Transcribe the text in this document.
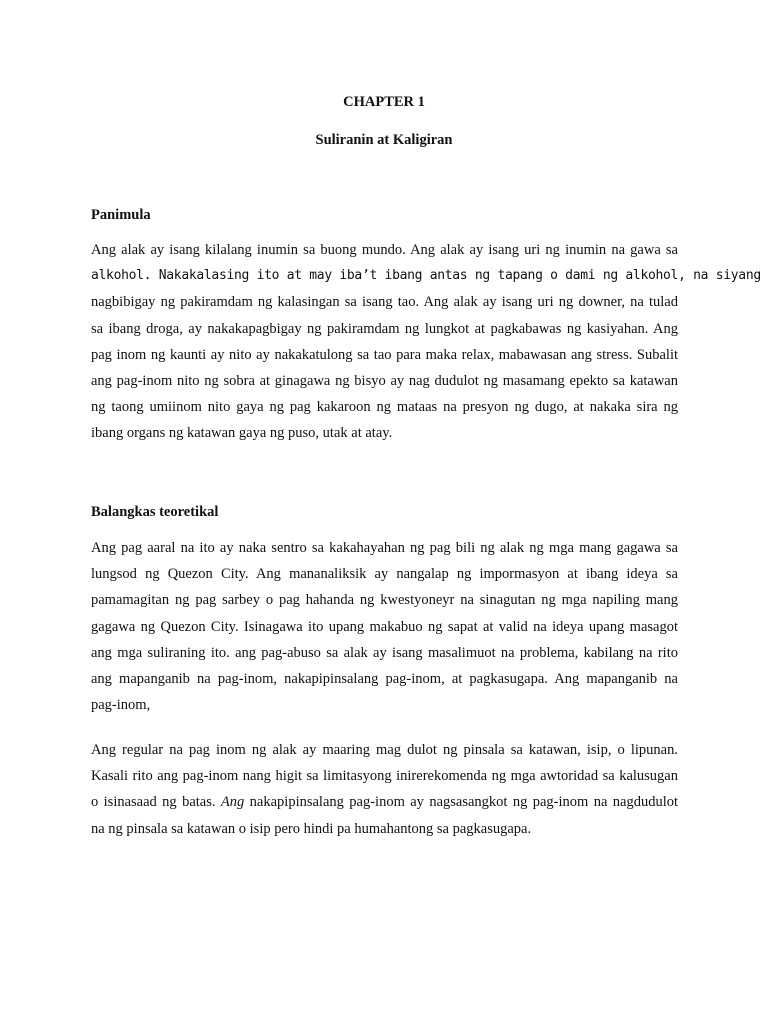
CHAPTER 1

Suliranin at Kaligiran

Panimula

Ang alak ay isang kilalang inumin sa buong mundo. Ang alak ay isang uri ng inumin na gawa sa
alkohol. Nakakalasing ito at may iba’t ibang antas ng tapang o dami ng alkohol, na siyang
nagbibigay ng pakiramdam ng kalasingan sa isang tao. Ang alak ay isang uri ng downer, na tulad
sa ibang droga, ay nakakapagbigay ng pakiramdam ng lungkot at pagkabawas ng kasiyahan. Ang
pag inom ng kaunti ay nito ay nakakatulong sa tao para maka relax, mabawasan ang stress. Subalit
ang pag-inom nito ng sobra at ginagawa ng bisyo ay nag dudulot ng masamang epekto sa katawan
ng taong umiinom nito gaya ng pag kakaroon ng mataas na presyon ng dugo, at nakaka sira ng
ibang organs ng katawan gaya ng puso, utak at atay.

Balangkas teoretikal

Ang pag aaral na ito ay naka sentro sa kakahayahan ng pag bili ng alak ng mga mang gagawa sa
lungsod ng Quezon City. Ang mananaliksik ay nangalap ng impormasyon at ibang ideya sa
pamamagitan ng pag sarbey o pag hahanda ng kwestyoneyr na sinagutan ng mga napiling mang
gagawa ng Quezon City. Isinagawa ito upang makabuo ng sapat at valid na ideya upang masagot
ang mga suliraning ito. ang pag-abuso sa alak ay isang masalimuot na problema, kabilang na rito
ang mapanganib na pag-inom, nakapipinsalang pag-inom, at pagkasugapa. Ang mapanganib na
pag-inom,
Ang regular na pag inom ng alak ay maaring mag dulot ng pinsala sa katawan, isip, o lipunan.
Kasali rito ang pag-inom nang higit sa limitasyong inirerekomenda ng mga awtoridad sa kalusugan
o isinasaad ng batas. Ang nakapipinsalang pag-inom ay nagsasangkot ng pag-inom na nagdudulot
na ng pinsala sa katawan o isip pero hindi pa humahantong sa pagkasugapa.
